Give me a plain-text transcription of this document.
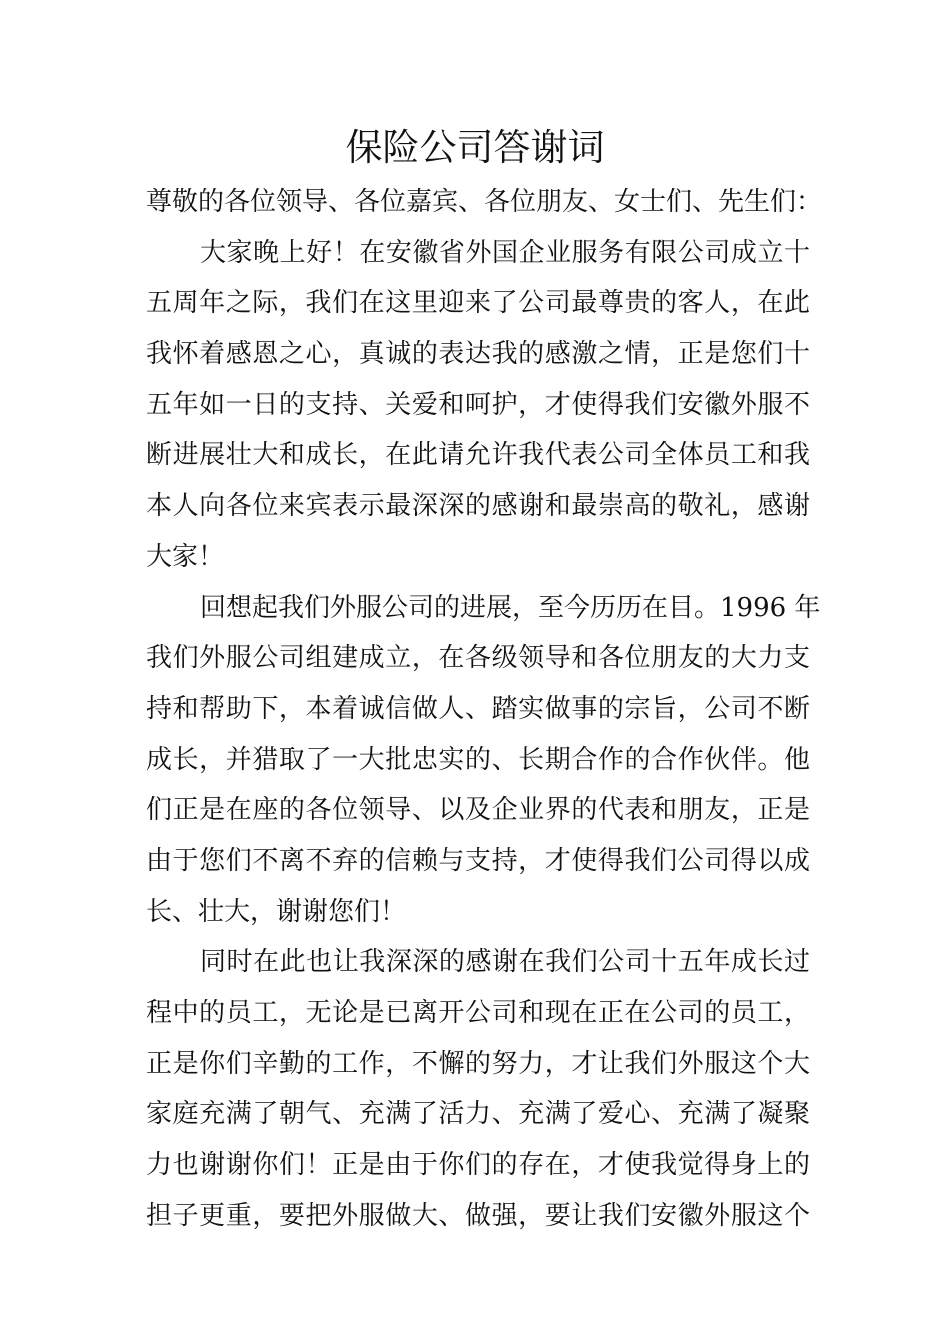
保险公司答谢词
尊敬的各位领导、各位嘉宾、各位朋友、女士们、先生们：
大家晚上好！在安徽省外国企业服务有限公司成立十
五周年之际，我们在这里迎来了公司最尊贵的客人，在此
我怀着感恩之心，真诚的表达我的感激之情，正是您们十
五年如一日的支持、关爱和呵护，才使得我们安徽外服不
断进展壮大和成长，在此请允许我代表公司全体员工和我
本人向各位来宾表示最深深的感谢和最崇高的敬礼，感谢
大家！
回想起我们外服公司的进展，至今历历在目。1996 年
我们外服公司组建成立，在各级领导和各位朋友的大力支
持和帮助下，本着诚信做人、踏实做事的宗旨，公司不断
成长，并猎取了一大批忠实的、长期合作的合作伙伴。他
们正是在座的各位领导、以及企业界的代表和朋友，正是
由于您们不离不弃的信赖与支持，才使得我们公司得以成
长、壮大，谢谢您们！
同时在此也让我深深的感谢在我们公司十五年成长过
程中的员工，无论是已离开公司和现在正在公司的员工，
正是你们辛勤的工作，不懈的努力，才让我们外服这个大
家庭充满了朝气、充满了活力、充满了爱心、充满了凝聚
力也谢谢你们！正是由于你们的存在，才使我觉得身上的
担子更重，要把外服做大、做强，要让我们安徽外服这个
